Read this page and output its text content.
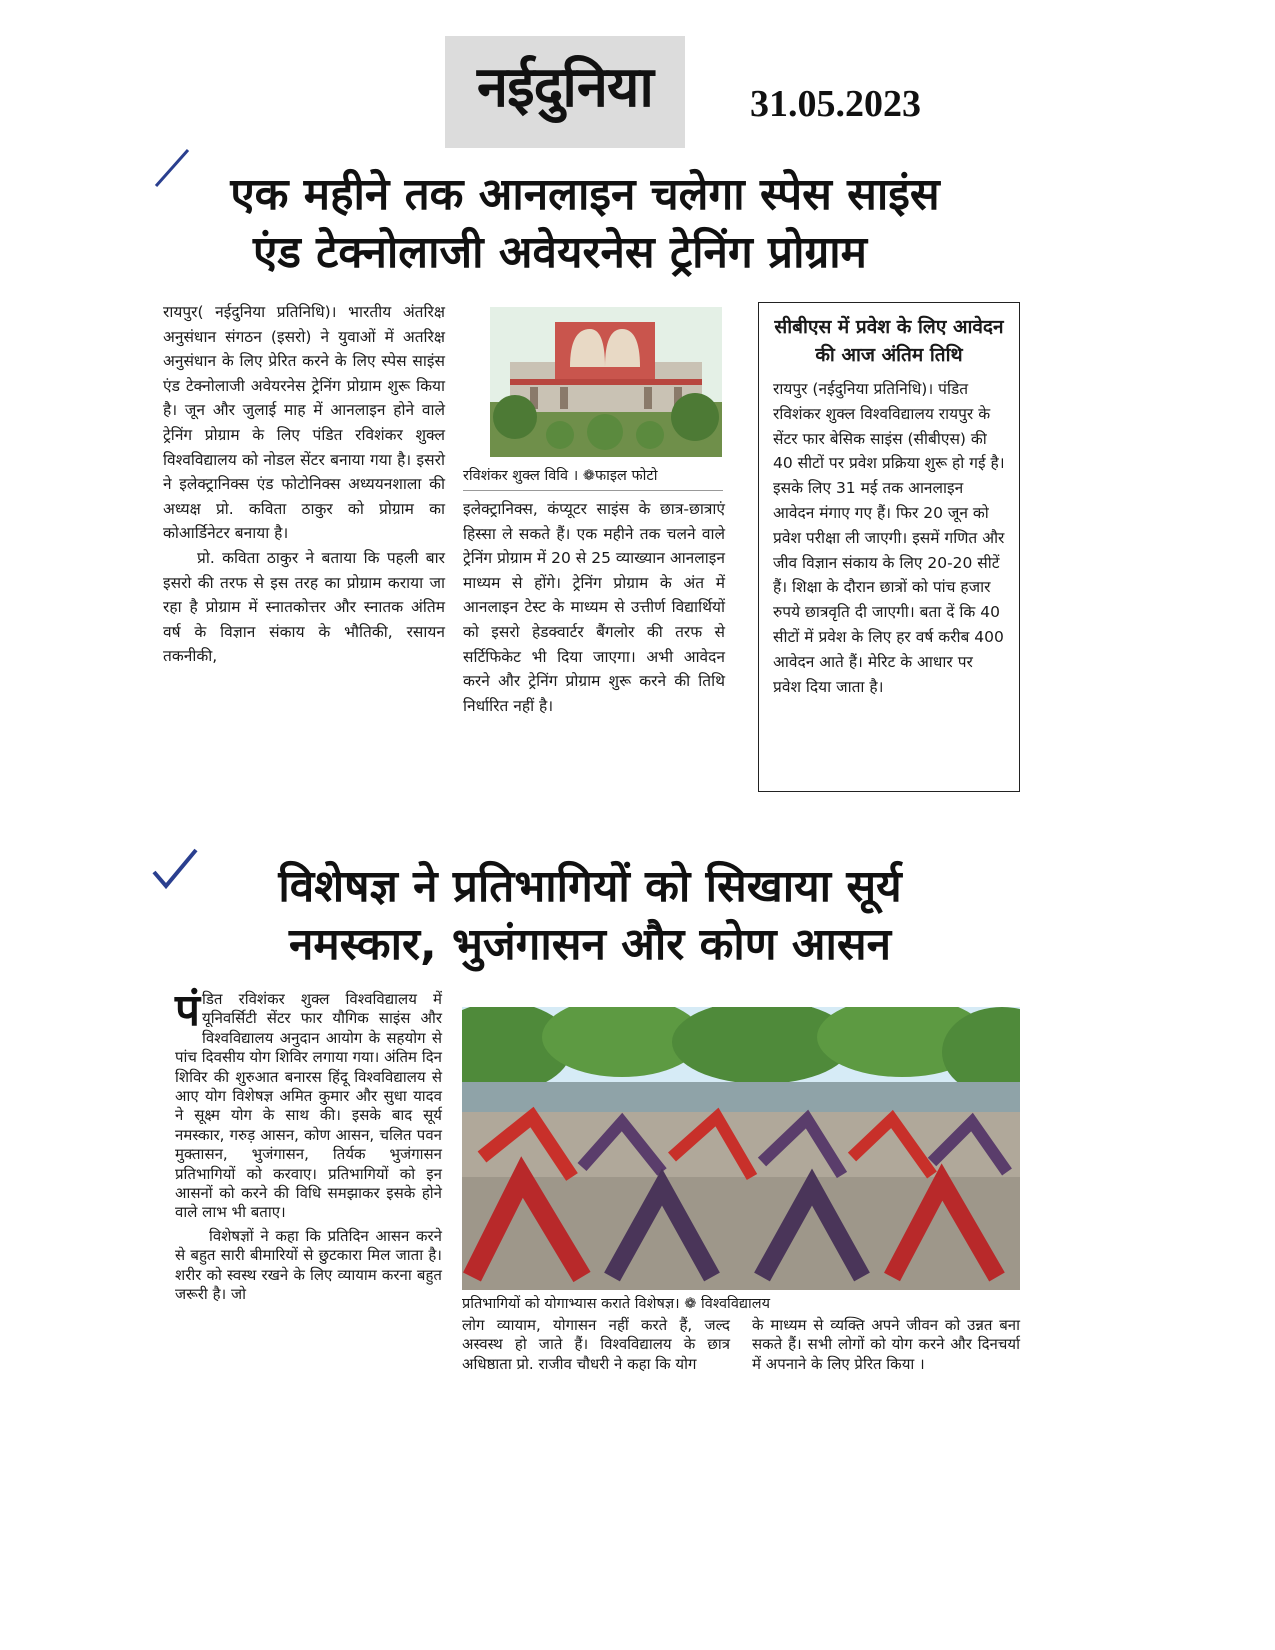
नईदुनिया	31.05.2023
एक महीने तक आनलाइन चलेगा स्पेस साइंस
एंड टेक्नोलाजी अवेयरनेस ट्रेनिंग प्रोग्राम

रायपुर( नईदुनिया प्रतिनिधि)। भारतीय अंतरिक्ष अनुसंधान संगठन (इसरो) ने युवाओं में अतरिक्ष अनुसंधान के लिए प्रेरित करने के लिए स्पेस साइंस एंड टेक्नोलाजी अवेयरनेस ट्रेनिंग प्रोग्राम शुरू किया है। जून और जुलाई माह में आनलाइन होने वाले ट्रेनिंग प्रोग्राम के लिए पंडित रविशंकर शुक्ल विश्वविद्यालय को नोडल सेंटर बनाया गया है। इसरो ने इलेक्ट्रानिक्स एंड फोटोनिक्स अध्ययनशाला की अध्यक्ष प्रो. कविता ठाकुर को प्रोग्राम का कोआर्डिनेटर बनाया है।

प्रो. कविता ठाकुर ने बताया कि पहली बार इसरो की तरफ से इस तरह का प्रोग्राम कराया जा रहा है प्रोग्राम में स्नातकोत्तर और स्नातक अंतिम वर्ष के विज्ञान संकाय के भौतिकी, रसायन तकनीकी,

रविशंकर शुक्ल विवि । ❁फाइल फोटो

इलेक्ट्रानिक्स, कंप्यूटर साइंस के छात्र-छात्राएं हिस्सा ले सकते हैं। एक महीने तक चलने वाले ट्रेनिंग प्रोग्राम में 20 से 25 व्याख्यान आनलाइन माध्यम से होंगे। ट्रेनिंग प्रोग्राम के अंत में आनलाइन टेस्ट के माध्यम से उत्तीर्ण विद्यार्थियों को इसरो हेडक्वार्टर बैंगलोर की तरफ से सर्टिफिकेट भी दिया जाएगा। अभी आवेदन करने और ट्रेनिंग प्रोग्राम शुरू करने की तिथि निर्धारित नहीं है।

सीबीएस में प्रवेश के लिए आवेदन की आज अंतिम तिथि
रायपुर (नईदुनिया प्रतिनिधि)। पंडित रविशंकर शुक्ल विश्वविद्यालय रायपुर के सेंटर फार बेसिक साइंस (सीबीएस) की 40 सीटों पर प्रवेश प्रक्रिया शुरू हो गई है। इसके लिए 31 मई तक आनलाइन आवेदन मंगाए गए हैं। फिर 20 जून को प्रवेश परीक्षा ली जाएगी। इसमें गणित और जीव विज्ञान संकाय के लिए 20-20 सीटें हैं। शिक्षा के दौरान छात्रों को पांच हजार रुपये छात्रवृति दी जाएगी। बता दें कि 40 सीटों में प्रवेश के लिए हर वर्ष करीब 400 आवेदन आते हैं। मेरिट के आधार पर प्रवेश दिया जाता है।
विशेषज्ञ ने प्रतिभागियों को सिखाया सूर्य
नमस्कार, भुजंगासन और कोण आसन
पं डित रविशंकर शुक्ल विश्वविद्यालय में यूनिवर्सिटी सेंटर फार यौगिक साइंस और विश्वविद्यालय अनुदान आयोग के सहयोग से पांच दिवसीय योग शिविर लगाया गया। अंतिम दिन शिविर की शुरुआत बनारस हिंदू विश्वविद्यालय से आए योग विशेषज्ञ अमित कुमार और सुधा यादव ने सूक्ष्म योग के साथ की। इसके बाद सूर्य नमस्कार, गरुड़ आसन, कोण आसन, चलित पवन मुक्तासन, भुजंगासन, तिर्यक भुजंगासन प्रतिभागियों को करवाए। प्रतिभागियों को इन आसनों को करने की विधि समझाकर इसके होने वाले लाभ भी बताए।

विशेषज्ञों ने कहा कि प्रतिदिन आसन करने से बहुत सारी बीमारियों से छुटकारा मिल जाता है। शरीर को स्वस्थ रखने के लिए व्यायाम करना बहुत जरूरी है। जो

प्रतिभागियों को योगाभ्यास कराते विशेषज्ञ। ❁ विश्वविद्यालय
लोग व्यायाम, योगासन नहीं करते हैं, जल्द अस्वस्थ हो जाते हैं। विश्वविद्यालय के छात्र अधिष्ठाता प्रो. राजीव चौधरी ने कहा कि योग
के माध्यम से व्यक्ति अपने जीवन को उन्नत बना सकते हैं। सभी लोगों को योग करने और दिनचर्या में अपनाने के लिए प्रेरित किया ।
